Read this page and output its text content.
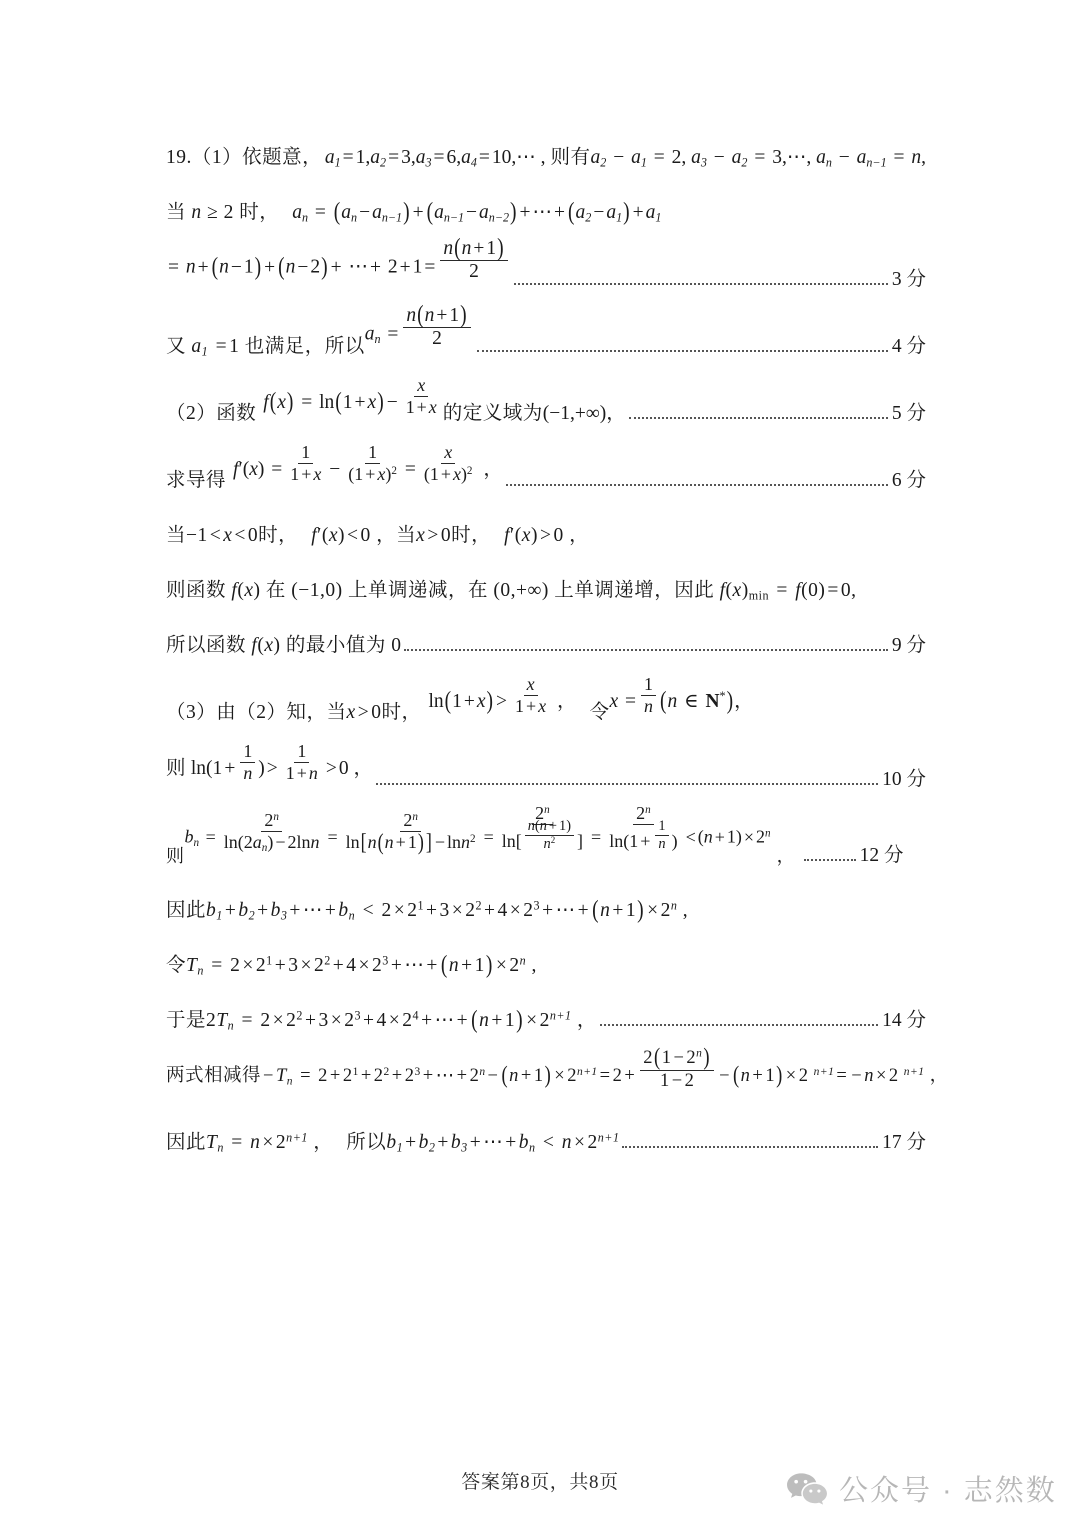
19. （1） 依题意， $a_1 = 1,a_2 = 3,a_3 = 6,a_4$ = 10,⋯ , 则有 $a_2 - a_1 = 2$, $a_3 - a_2$ = 3,⋯, $a_n - a_{n-1} = n$,
当 n ≥ 2 时， $a_n = (a_n - a_{n-1}) + (a_{n-1} - a_{n-2})$ + ⋯ + $(a_2 - a_1) + a_1$
= n + (n − 1) + (n − 2) + ⋯ + $2 + 1 = \frac{n(n + 1)}{2}$	3 分
又 $a_1 = 1$ 也满足，所以
$a_n = \frac{n(n + 1)}{2}$	4 分
（2） 函数 $f(x) = \ln(1 + x) - \frac{x}{1 + x}$ 的定义域为 (−1,+∞)，	5 分
求导得 $f'(x) = \frac{1}{1 + x} - \frac{1}{(1 + x)^2} = \frac{x}{(1 + x)^2}$ ，	6 分
当−1 < x < 0时， f′(x) < 0 ，当x > 0时， f′(x) > 0 ，
则函数 f(x) 在 (−1,0) 上单调递减，在 (0,+∞) 上单调递增，因此 $f(x)_{min} = f(0) = 0$,
所以函数 f(x) 的最小值为 0	9 分
（3） 由（2）知，当x > 0时， $\ln(1 + x) > \frac{x}{1 + x}$ ， 令 $x = \frac{1}{n} (n$ ∈ N*)，
则 $\ln(1 + \frac{1}{n}$ ) > $\frac{1}{1 + n} > 0$ ，	10 分
则
$b_n = \frac{2^n}{\ln(2a_n) - 2\ln n} = \frac{2^n}{\ln[n(n + 1) ] - \ln n^2} = \frac{2^n}{\ln[ \frac{n(n + 1)}{n^2} ]} = \frac{2^n}{\ln(1 + \frac{1}{n} )} < (n + 1) \times 2^n$
，	12 分
因此$b_1 + b_2 + b_3$ + ⋯ + $b_n < 2 \times 2^1 + 3 \times 2^2 + 4 \times 2^3$ + ⋯ + $(n + 1) \times 2^n$ ,
令$T_n = 2 \times 2^1 + 3 \times 2^2 + 4 \times 2^3$ + ⋯ + $(n + 1) \times 2^n$ ,
于是$2T_n = 2 \times 2^2 + 3 \times 2^3 + 4 \times 2^4$ + ⋯ + $(n + 1) \times 2^{n+1}$ ，	14 分
两式相减得 − $T_n = 2 + 2^1 + 2^2 + 2^3$ + ⋯ + $2^n - (n + 1) \times 2^{n+1} = 2 + \frac{2(1 - 2^n)}{1 - 2} - (n + 1) \times 2$ $^{n+1}$ = − n × 2 $^{n+1}$ ，
因此$T_n = n \times 2^{n+1}$ ， 所以$b_1 + b_2 + b_3$ + ⋯ + $b_n < n \times 2^{n+1}$	17 分
答案第8页，共8页	公众号 · 志然数
